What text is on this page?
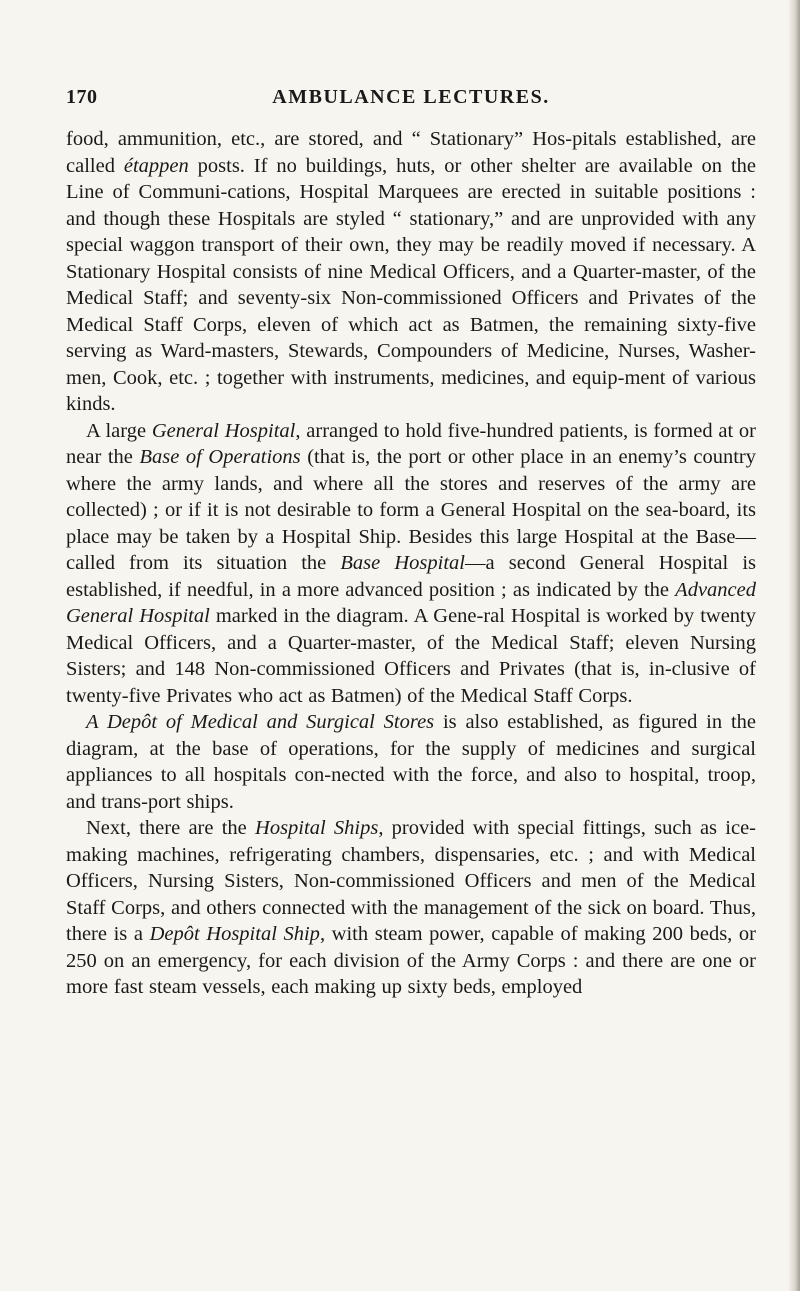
170	AMBULANCE LECTURES.

food, ammunition, etc., are stored, and “ Stationary” Hos-pitals established, are called étappen posts. If no buildings, huts, or other shelter are available on the Line of Communi-cations, Hospital Marquees are erected in suitable positions : and though these Hospitals are styled “ stationary,” and are unprovided with any special waggon transport of their own, they may be readily moved if necessary. A Stationary Hospital consists of nine Medical Officers, and a Quarter-master, of the Medical Staff; and seventy-six Non-commissioned Officers and Privates of the Medical Staff Corps, eleven of which act as Batmen, the remaining sixty-five serving as Ward-masters, Stewards, Compounders of Medicine, Nurses, Washer-men, Cook, etc. ; together with instruments, medicines, and equip-ment of various kinds.

A large General Hospital, arranged to hold five-hundred patients, is formed at or near the Base of Operations (that is, the port or other place in an enemy’s country where the army lands, and where all the stores and reserves of the army are collected) ; or if it is not desirable to form a General Hospital on the sea-board, its place may be taken by a Hospital Ship. Besides this large Hospital at the Base—called from its situation the Base Hospital—a second General Hospital is established, if needful, in a more advanced position ; as indicated by the Advanced General Hospital marked in the diagram. A Gene-ral Hospital is worked by twenty Medical Officers, and a Quarter-master, of the Medical Staff; eleven Nursing Sisters; and 148 Non-commissioned Officers and Privates (that is, in-clusive of twenty-five Privates who act as Batmen) of the Medical Staff Corps.

A Depôt of Medical and Surgical Stores is also established, as figured in the diagram, at the base of operations, for the supply of medicines and surgical appliances to all hospitals con-nected with the force, and also to hospital, troop, and trans-port ships.

Next, there are the Hospital Ships, provided with special fittings, such as ice-making machines, refrigerating chambers, dispensaries, etc. ; and with Medical Officers, Nursing Sisters, Non-commissioned Officers and men of the Medical Staff Corps, and others connected with the management of the sick on board. Thus, there is a Depôt Hospital Ship, with steam power, capable of making 200 beds, or 250 on an emergency, for each division of the Army Corps : and there are one or more fast steam vessels, each making up sixty beds, employed
